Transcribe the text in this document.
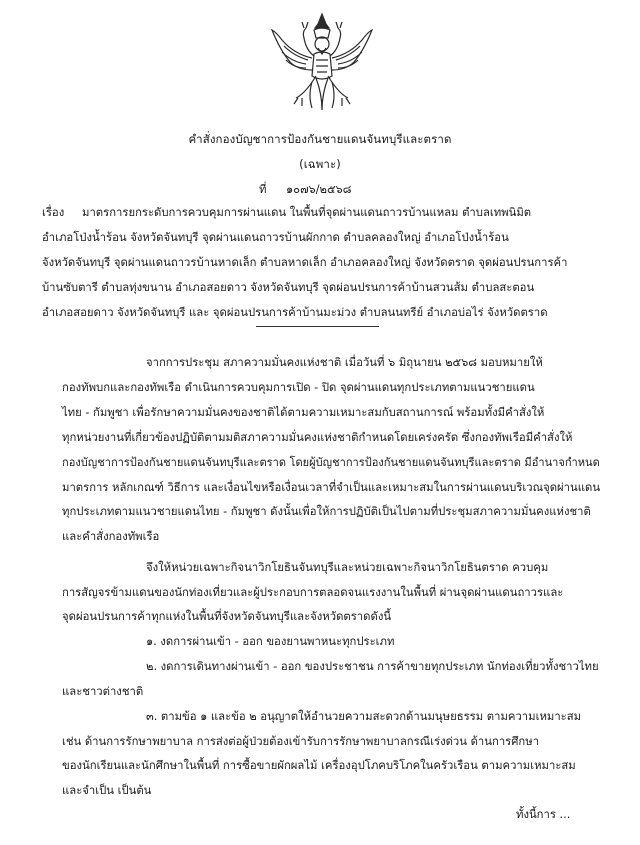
คำสั่งกองบัญชาการป้องกันชายแดนจันทบุรีและตราด
(เฉพาะ)
ที่ ๑๐๗๖/๒๕๖๘
เรื่อง มาตรการยกระดับการควบคุมการผ่านแดน ในพื้นที่จุดผ่านแดนถาวรบ้านแหลม ตำบลเทพนิมิต
อำเภอโป่งน้ำร้อน จังหวัดจันทบุรี จุดผ่านแดนถาวรบ้านผักกาด ตำบลคลองใหญ่ อำเภอโป่งน้ำร้อน
จังหวัดจันทบุรี จุดผ่านแดนถาวรบ้านหาดเล็ก ตำบลหาดเล็ก อำเภอคลองใหญ่ จังหวัดตราด จุดผ่อนปรนการค้า
บ้านซับตารี ตำบลทุ่งขนาน อำเภอสอยดาว จังหวัดจันทบุรี จุดผ่อนปรนการค้าบ้านสวนส้ม ตำบลสะตอน
อำเภอสอยดาว จังหวัดจันทบุรี และ จุดผ่อนปรนการค้าบ้านมะม่วง ตำบลนนทรีย์ อำเภอบ่อไร่ จังหวัดตราด
จากการประชุม สภาความมั่นคงแห่งชาติ เมื่อวันที่ ๖ มิถุนายน ๒๕๖๘ มอบหมายให้
กองทัพบกและกองทัพเรือ ดำเนินการควบคุมการเปิด - ปิด จุดผ่านแดนทุกประเภทตามแนวชายแดน
ไทย - กัมพูชา เพื่อรักษาความมั่นคงของชาติได้ตามความเหมาะสมกับสถานการณ์ พร้อมทั้งมีคำสั่งให้
ทุกหน่วยงานที่เกี่ยวข้องปฏิบัติตามมติสภาความมั่นคงแห่งชาติกำหนดโดยเคร่งครัด ซึ่งกองทัพเรือมีคำสั่งให้
กองบัญชาการป้องกันชายแดนจันทบุรีและตราด โดยผู้บัญชาการป้องกันชายแดนจันทบุรีและตราด มีอำนาจกำหนด
มาตรการ หลักเกณฑ์ วิธีการ และเงื่อนไขหรือเงื่อนเวลาที่จำเป็นและเหมาะสมในการผ่านแดนบริเวณจุดผ่านแดน
ทุกประเภทตามแนวชายแดนไทย - กัมพูชา ดังนั้นเพื่อให้การปฏิบัติเป็นไปตามที่ประชุมสภาความมั่นคงแห่งชาติ
และคำสั่งกองทัพเรือ
จึงให้หน่วยเฉพาะกิจนาวิกโยธินจันทบุรีและหน่วยเฉพาะกิจนาวิกโยธินตราด ควบคุม
การสัญจรข้ามแดนของนักท่องเที่ยวและผู้ประกอบการตลอดจนแรงงานในพื้นที่ ผ่านจุดผ่านแดนถาวรและ
จุดผ่อนปรนการค้าทุกแห่งในพื้นที่จังหวัดจันทบุรีและจังหวัดตราดดังนี้
๑. งดการผ่านเข้า - ออก ของยานพาหนะทุกประเภท
๒. งดการเดินทางผ่านเข้า - ออก ของประชาชน การค้าขายทุกประเภท นักท่องเที่ยวทั้งชาวไทย
และชาวต่างชาติ
๓. ตามข้อ ๑ และข้อ ๒ อนุญาตให้อำนวยความสะดวกด้านมนุษยธรรม ตามความเหมาะสม
เช่น ด้านการรักษาพยาบาล การส่งต่อผู้ป่วยต้องเข้ารับการรักษาพยาบาลกรณีเร่งด่วน ด้านการศึกษา
ของนักเรียนและนักศึกษาในพื้นที่ การซื้อขายผักผลไม้ เครื่องอุปโภคบริโภคในครัวเรือน ตามความเหมาะสม
และจำเป็น เป็นต้น
ทั้งนี้การ ...
